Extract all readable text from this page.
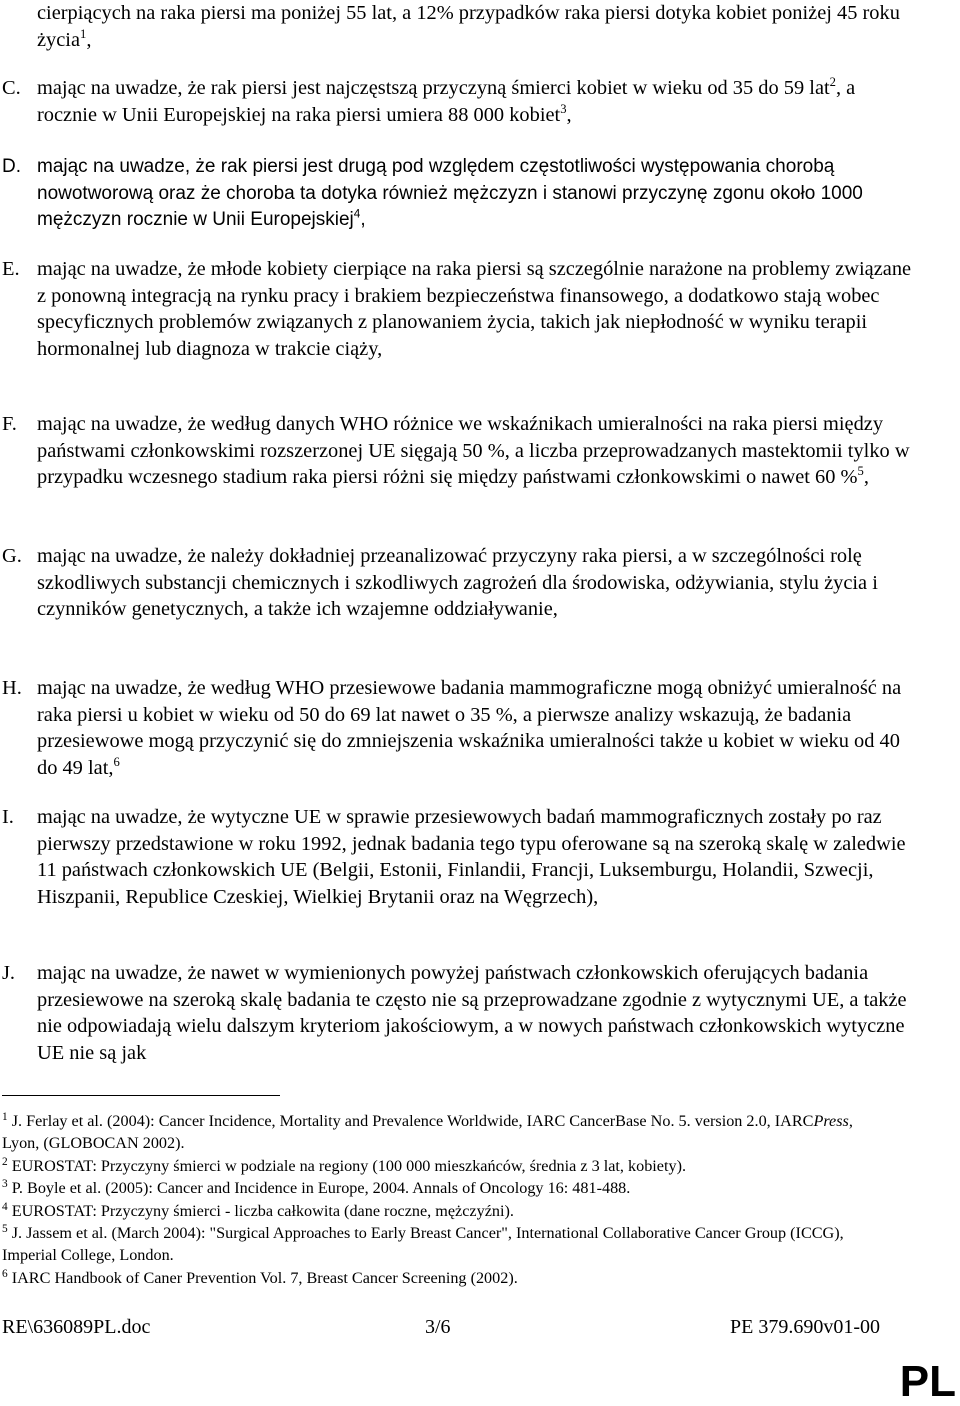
cierpiących na raka piersi ma poniżej 55 lat, a 12% przypadków raka piersi dotyka kobiet poniżej 45 roku życia$^1$,
C. mając na uwadze, że rak piersi jest najczęstszą przyczyną śmierci kobiet w wieku od 35 do 59 lat$^2$, a rocznie w Unii Europejskiej na raka piersi umiera 88 000 kobiet$^3$,
D. mając na uwadze, że rak piersi jest drugą pod względem częstotliwości występowania chorobą nowotworową oraz że choroba ta dotyka również mężczyzn i stanowi przyczynę zgonu około 1000 mężczyzn rocznie w Unii Europejskiej$^4$,
E. mając na uwadze, że młode kobiety cierpiące na raka piersi są szczególnie narażone na problemy związane z ponowną integracją na rynku pracy i brakiem bezpieczeństwa finansowego, a dodatkowo stają wobec specyficznych problemów związanych z planowaniem życia, takich jak niepłodność w wyniku terapii hormonalnej lub diagnoza w trakcie ciąży,
F. mając na uwadze, że według danych WHO różnice we wskaźnikach umieralności na raka piersi między państwami członkowskimi rozszerzonej UE sięgają 50 %, a liczba przeprowadzanych mastektomii tylko w przypadku wczesnego stadium raka piersi różni się między państwami członkowskimi o nawet 60 %$^5$,
G. mając na uwadze, że należy dokładniej przeanalizować przyczyny raka piersi, a w szczególności rolę szkodliwych substancji chemicznych i szkodliwych zagrożeń dla środowiska, odżywiania, stylu życia i czynników genetycznych, a także ich wzajemne oddziaływanie,
H. mając na uwadze, że według WHO przesiewowe badania mammograficzne mogą obniżyć umieralność na raka piersi u kobiet w wieku od 50 do 69 lat nawet o 35 %, a pierwsze analizy wskazują, że badania przesiewowe mogą przyczynić się do zmniejszenia wskaźnika umieralności także u kobiet w wieku od 40 do 49 lat,$^6$
I. mając na uwadze, że wytyczne UE w sprawie przesiewowych badań mammograficznych zostały po raz pierwszy przedstawione w roku 1992, jednak badania tego typu oferowane są na szeroką skalę w zaledwie 11 państwach członkowskich UE (Belgii, Estonii, Finlandii, Francji, Luksemburgu, Holandii, Szwecji, Hiszpanii, Republice Czeskiej, Wielkiej Brytanii oraz na Węgrzech),
J. mając na uwadze, że nawet w wymienionych powyżej państwach członkowskich oferujących badania przesiewowe na szeroką skalę badania te często nie są przeprowadzane zgodnie z wytycznymi UE, a także nie odpowiadają wielu dalszym kryteriom jakościowym, a w nowych państwach członkowskich wytyczne UE nie są jak

$^1$ J. Ferlay et al. (2004): Cancer Incidence, Mortality and Prevalence Worldwide, IARC CancerBase No. 5. version 2.0, IARCPress, Lyon, (GLOBOCAN 2002).

$^2$ EUROSTAT: Przyczyny śmierci w podziale na regiony (100 000 mieszkańców, średnia z 3 lat, kobiety).

$^3$ P. Boyle et al. (2005): Cancer and Incidence in Europe, 2004. Annals of Oncology 16: 481-488.

$^4$ EUROSTAT: Przyczyny śmierci - liczba całkowita (dane roczne, mężczyźni).

$^5$ J. Jassem et al. (March 2004): "Surgical Approaches to Early Breast Cancer", International Collaborative Cancer Group (ICCG), Imperial College, London.

$^6$ IARC Handbook of Caner Prevention Vol. 7, Breast Cancer Screening (2002).

RE\636089PL.doc	3/6	PE 379.690v01-00
PL
